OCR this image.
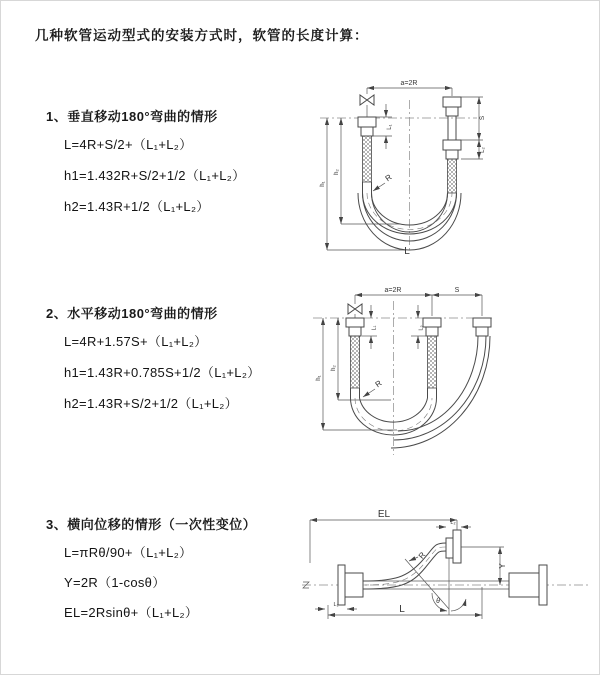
几种软管运动型式的安装方式时，软管的长度计算：
1、垂直移动180°弯曲的情形
L=4R+S/2+（L₁+L₂）
h1=1.432R+S/2+1/2（L₁+L₂）
h2=1.43R+1/2（L₁+L₂）
a=2R
L₁
S
L₂
h₁
h₂
R
L
2、水平移动180°弯曲的情形
L=4R+1.57S+（L₁+L₂）
h1=1.43R+0.785S+1/2（L₁+L₂）
h2=1.43R+S/2+1/2（L₁+L₂）
a=2R	S
L₁	L₂
h₁
h₂
R
3、横向位移的情形（一次性变位）
L=πRθ/90+（L₁+L₂）
Y=2R（1-cosθ）
EL=2Rsinθ+（L₁+L₂）
EL
L₂
Y
θ
R
L₁	L
